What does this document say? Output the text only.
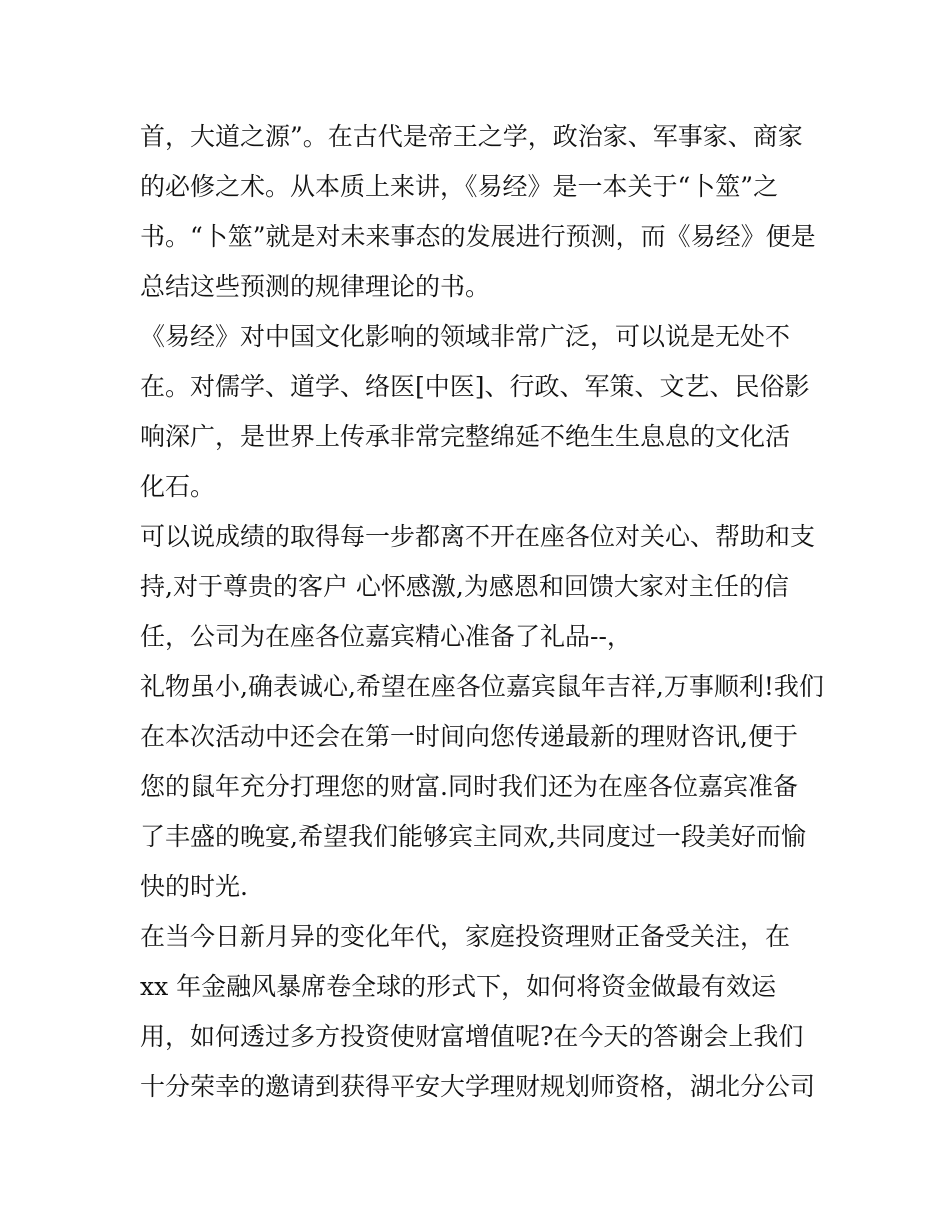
首，大道之源”。在古代是帝王之学，政治家、军事家、商家
的必修之术。从本质上来讲，《易经》是一本关于“卜筮”之
书。“卜筮”就是对未来事态的发展进行预测，而《易经》便是
总结这些预测的规律理论的书。
《易经》对中国文化影响的领域非常广泛，可以说是无处不
在。对儒学、道学、络医[中医]、行政、军策、文艺、民俗影
响深广，是世界上传承非常完整绵延不绝生生息息的文化活
化石。
可以说成绩的取得每一步都离不开在座各位对关心、帮助和支
持,对于尊贵的客户 心怀感激,为感恩和回馈大家对主任的信
任，公司为在座各位嘉宾精心准备了礼品--，
礼物虽小,确表诚心,希望在座各位嘉宾鼠年吉祥,万事顺利!我们
在本次活动中还会在第一时间向您传递最新的理财咨讯,便于
您的鼠年充分打理您的财富.同时我们还为在座各位嘉宾准备
了丰盛的晚宴,希望我们能够宾主同欢,共同度过一段美好而愉
快的时光.
在当今日新月异的变化年代，家庭投资理财正备受关注，在
xx 年金融风暴席卷全球的形式下，如何将资金做最有效运
用，如何透过多方投资使财富增值呢?在今天的答谢会上我们
十分荣幸的邀请到获得平安大学理财规划师资格，湖北分公司
